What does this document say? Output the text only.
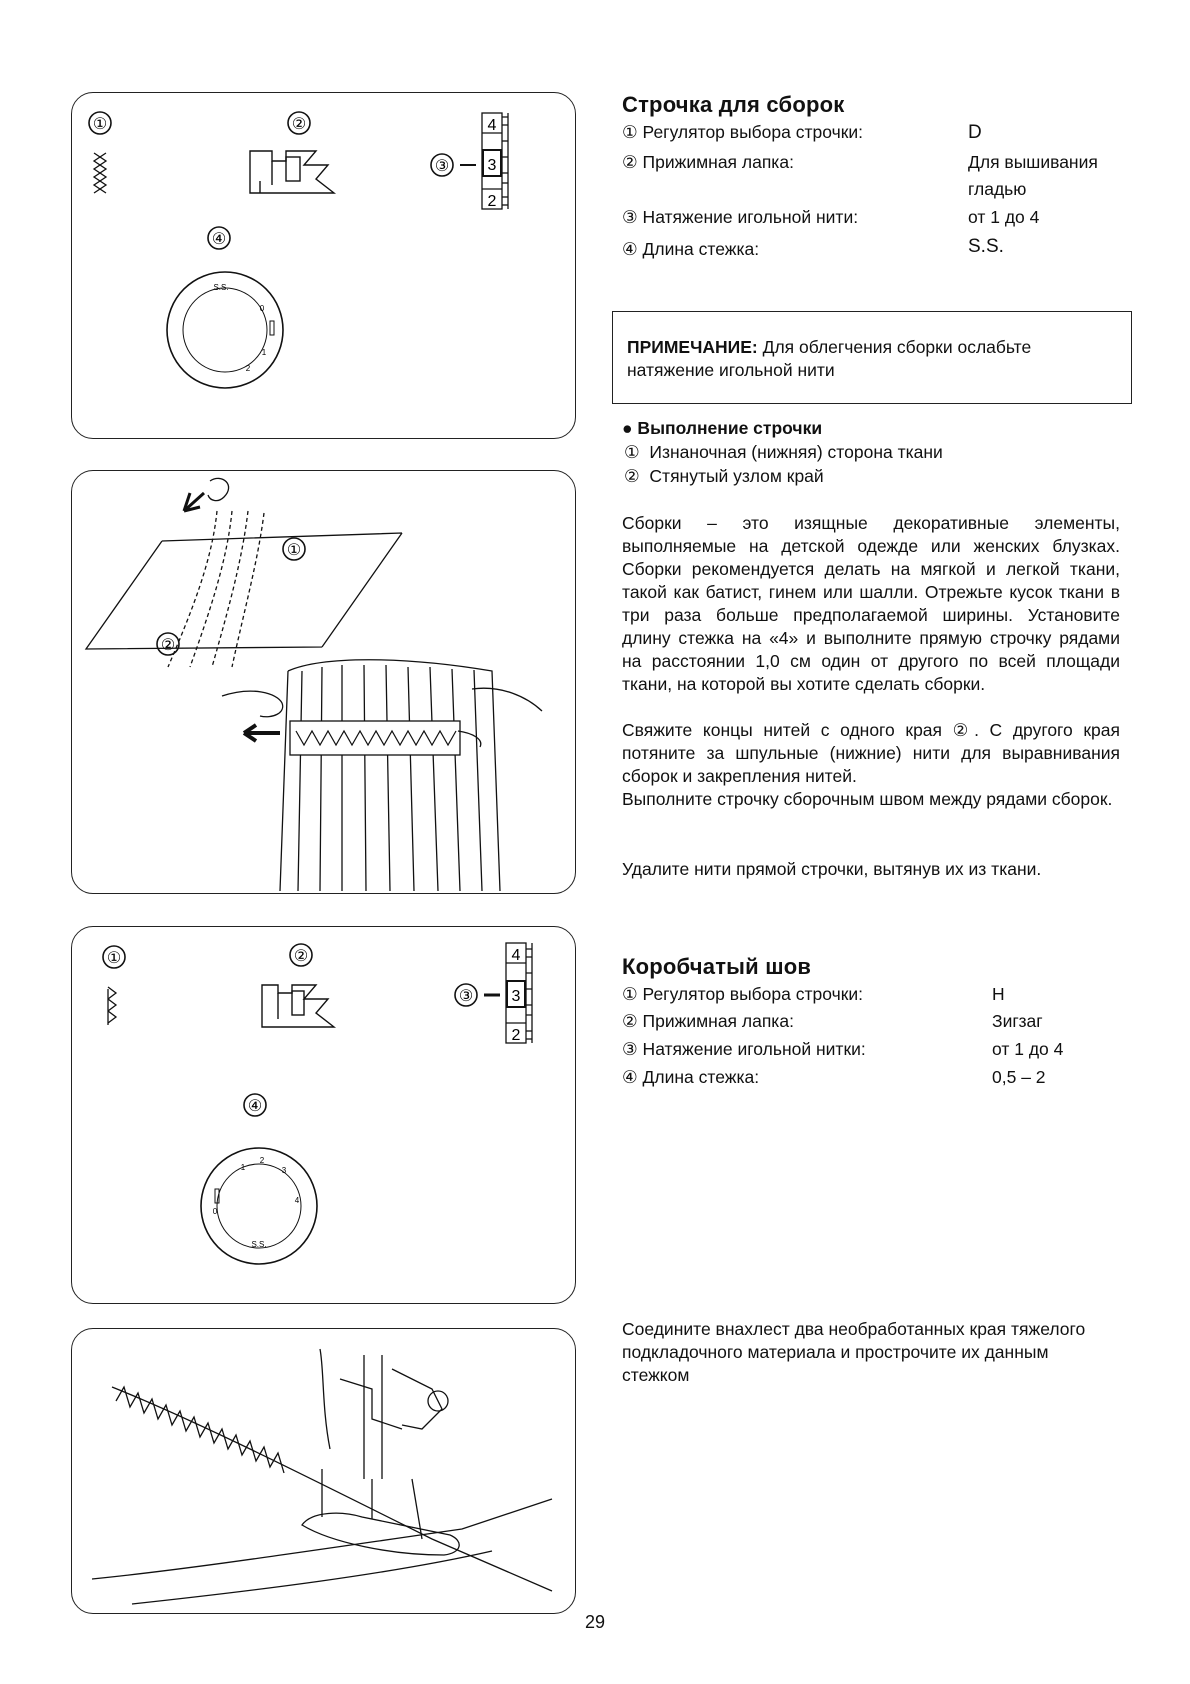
①	②
③
4
3
2
④
S.S.
0
1
2
①
②
①	②
③
4
3
2
④
1
2
3
4
0
S.S.
Строчка для сборок
① Регулятор выбора строчки:	D
② Прижимная лапка:	Для вышивания
гладью
③ Натяжение игольной нити:	от 1 до 4
④ Длина стежка:	S.S.
ПРИМЕЧАНИЕ: Для облегчения сборки ослабьте натяжение игольной нити
● Выполнение строчки
①  Изнаночная (нижняя) сторона ткани
②  Стянутый узлом край
Сборки – это изящные декоративные элементы, выполняемые на детской одежде или женских блузках. Сборки рекомендуется делать на мягкой и легкой ткани, такой как батист, гинем или шалли. Отрежьте кусок ткани в три раза больше предполагаемой ширины. Установите длину стежка на «4» и выполните прямую строчку рядами на расстоянии 1,0 см один от другого по всей площади ткани, на которой вы хотите сделать сборки.
Свяжите концы нитей с одного края ②. С другого края потяните за шпульные (нижние) нити для выравнивания сборок и закрепления нитей.
Выполните строчку сборочным швом между рядами сборок.
Удалите нити прямой строчки, вытянув их из ткани.
Коробчатый шов
① Регулятор выбора строчки:	H
② Прижимная лапка:	Зигзаг
③ Натяжение игольной нитки:	от 1 до 4
④ Длина стежка:	0,5 – 2
Соедините внахлест два необработанных края тяжелого подкладочного материала и прострочите их данным стежком
29
